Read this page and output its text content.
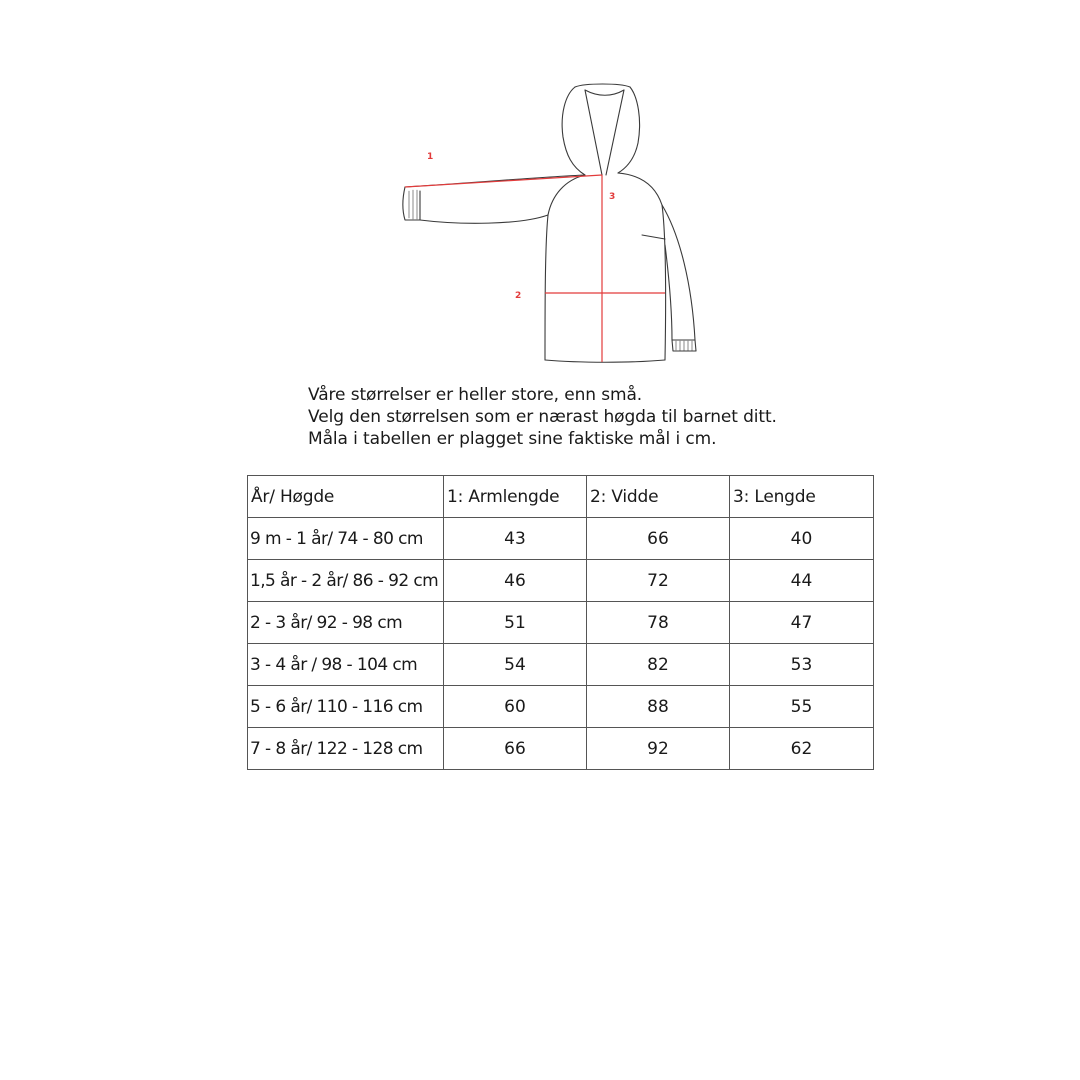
1
2
3
Våre størrelser er heller store, enn små.
Velg den størrelsen som er nærast høgda til barnet ditt.
Måla i tabellen er plagget sine faktiske mål i cm.
År/ Høgde	1: Armlengde	2: Vidde	3: Lengde
9 m - 1 år/ 74 - 80 cm	43	66	40
1,5 år - 2 år/ 86 - 92 cm	46	72	44
2 - 3 år/ 92 - 98 cm	51	78	47
3 - 4 år / 98 - 104 cm	54	82	53
5 - 6 år/ 110 - 116 cm	60	88	55
7 - 8 år/ 122 - 128 cm	66	92	62
